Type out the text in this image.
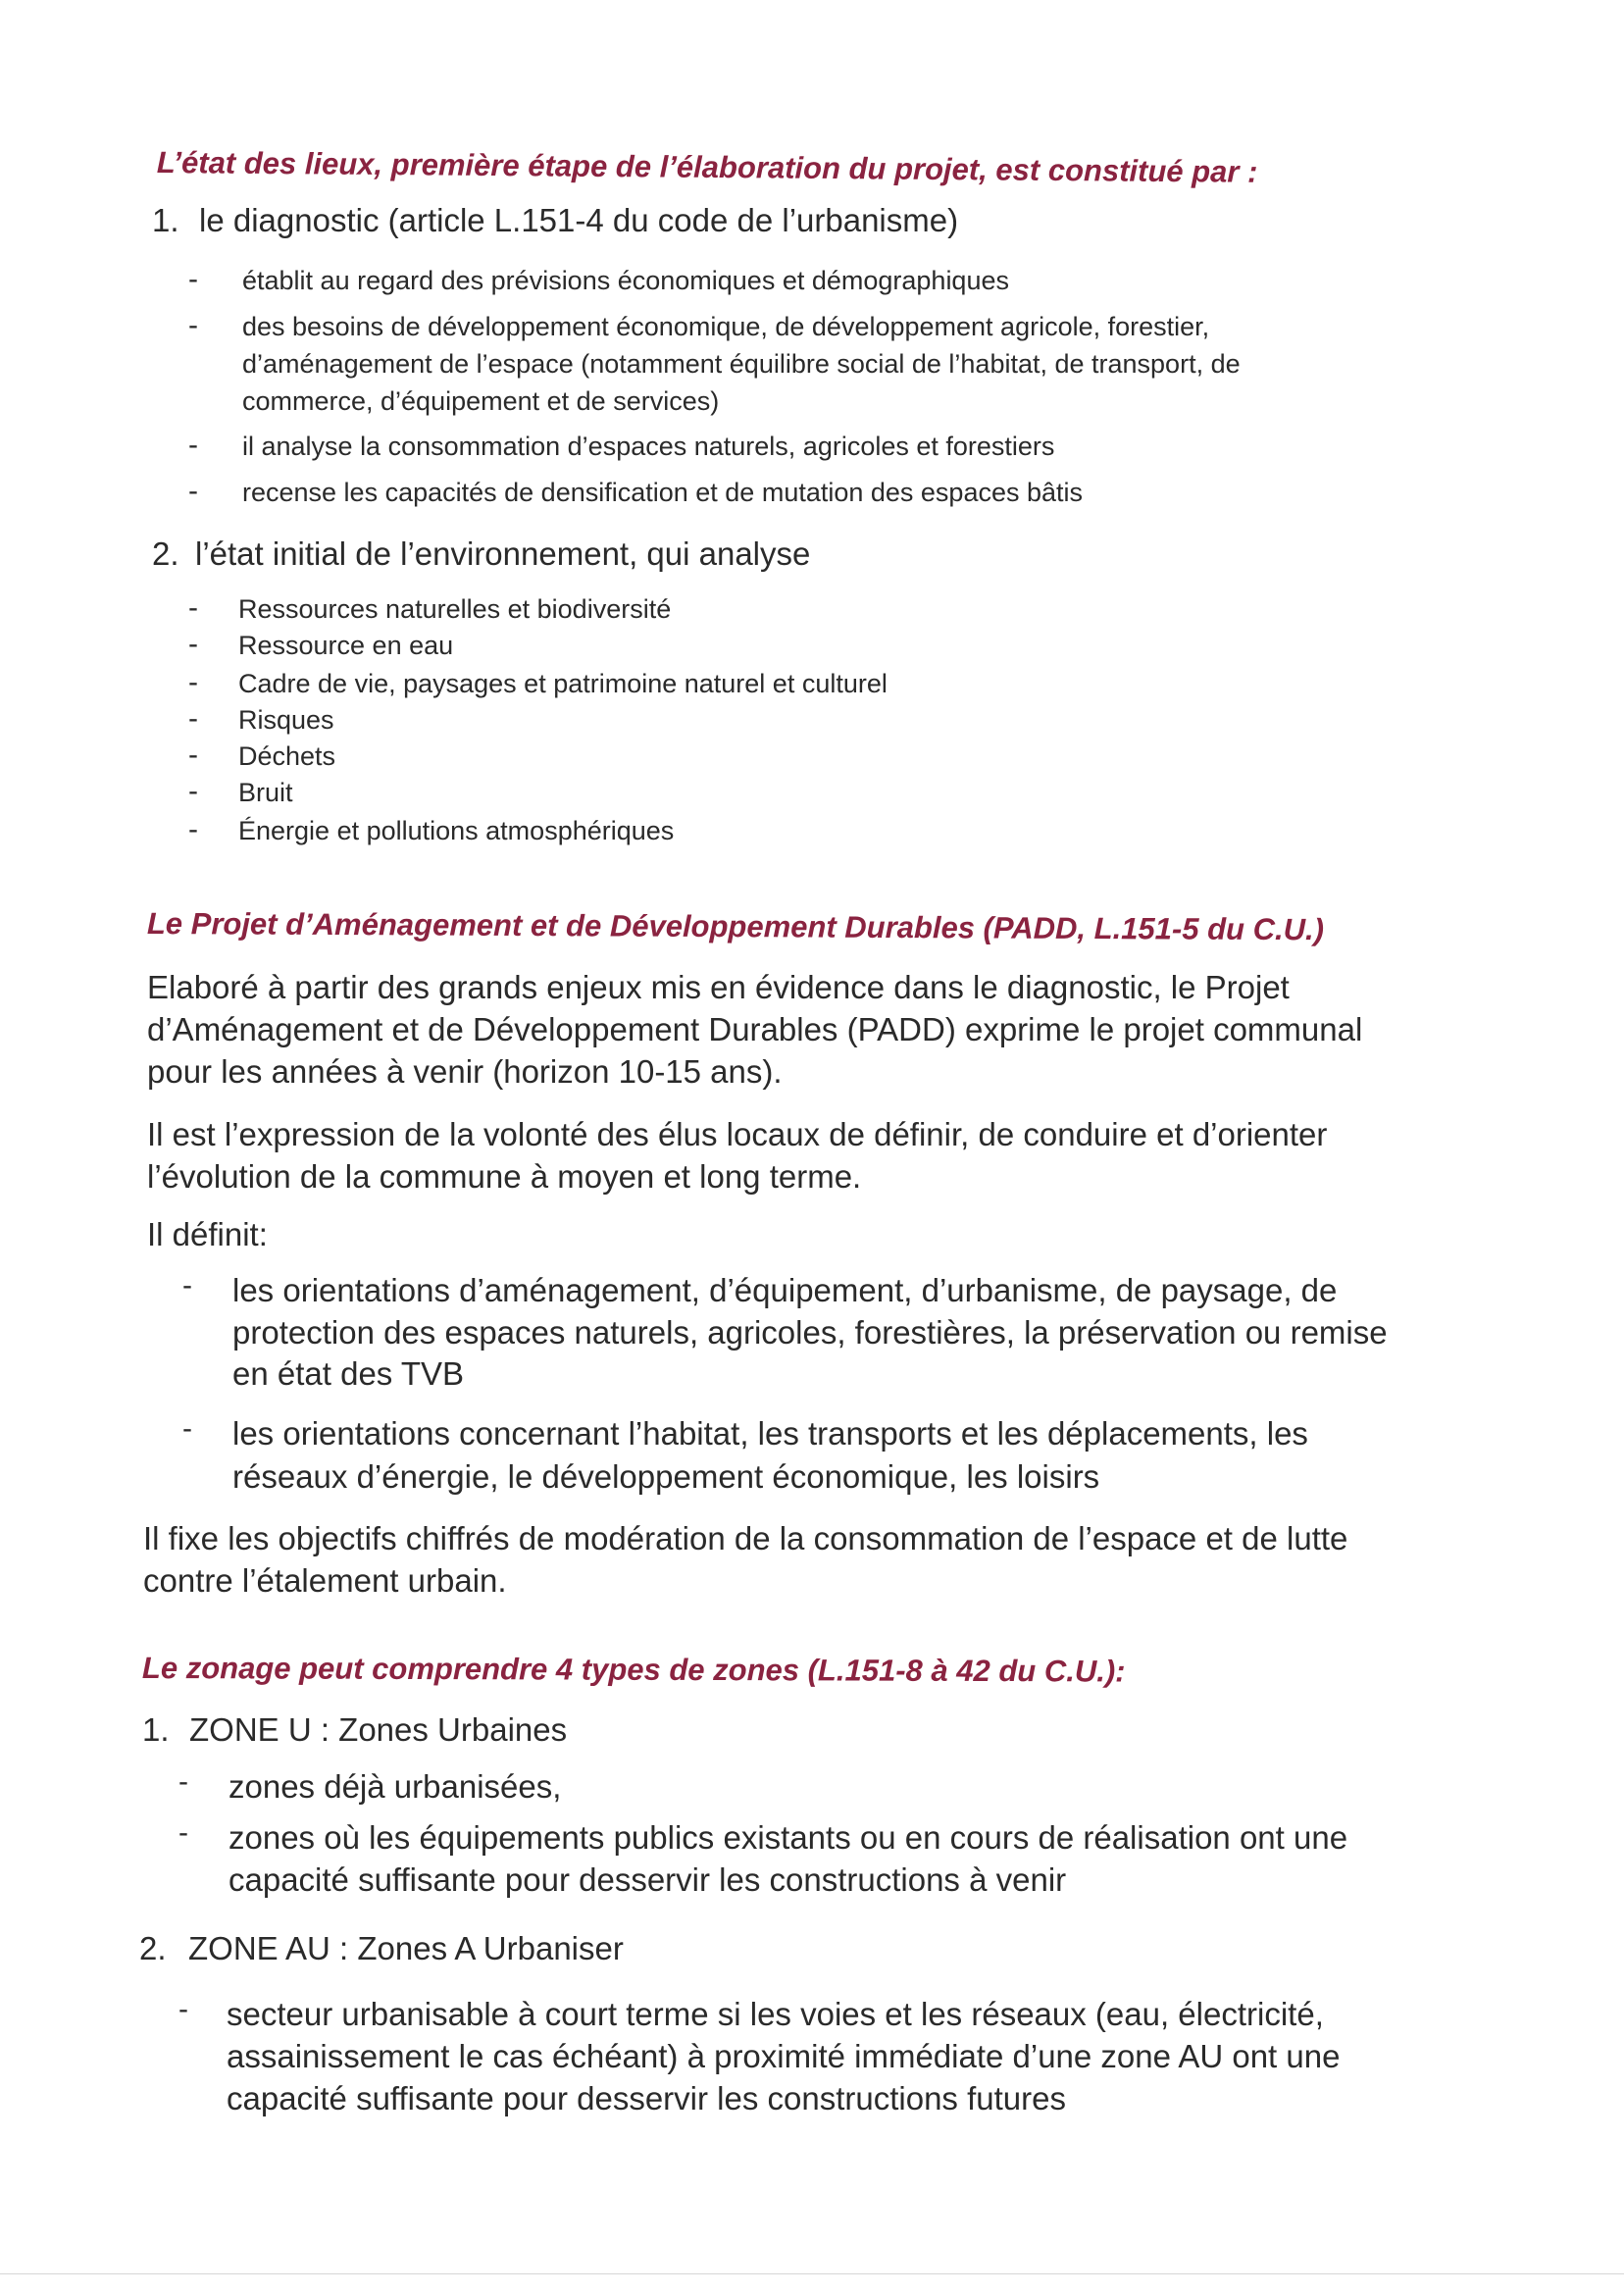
L’état des lieux, première étape de l’élaboration du projet, est constitué par :
1. le diagnostic (article L.151-4 du code de l’urbanisme)
- établit au regard des prévisions économiques et démographiques
- des besoins de développement économique, de développement agricole, forestier,
d’aménagement de l’espace (notamment équilibre social de l’habitat, de transport, de
commerce, d’équipement et de services)
- il analyse la consommation d’espaces naturels, agricoles et forestiers
- recense les capacités de densification et de mutation des espaces bâtis
2. l’état initial de l’environnement, qui analyse
- Ressources naturelles et biodiversité
- Ressource en eau
- Cadre de vie, paysages et patrimoine naturel et culturel
- Risques
- Déchets
- Bruit
- Énergie et pollutions atmosphériques
Le Projet d’Aménagement et de Développement Durables (PADD, L.151-5 du C.U.)
Elaboré à partir des grands enjeux mis en évidence dans le diagnostic, le Projet
d’Aménagement et de Développement Durables (PADD) exprime le projet communal
pour les années à venir (horizon 10-15 ans).
Il est l’expression de la volonté des élus locaux de définir, de conduire et d’orienter
l’évolution de la commune à moyen et long terme.
Il définit:
- les orientations d’aménagement, d’équipement, d’urbanisme, de paysage, de
protection des espaces naturels, agricoles, forestières, la préservation ou remise
en état des TVB
- les orientations concernant l’habitat, les transports et les déplacements, les
réseaux d’énergie, le développement économique, les loisirs
Il fixe les objectifs chiffrés de modération de la consommation de l’espace et de lutte
contre l’étalement urbain.
Le zonage peut comprendre 4 types de zones (L.151-8 à 42 du C.U.):
1. ZONE U : Zones Urbaines
- zones déjà urbanisées,
- zones où les équipements publics existants ou en cours de réalisation ont une
capacité suffisante pour desservir les constructions à venir
2. ZONE AU : Zones A Urbaniser
- secteur urbanisable à court terme si les voies et les réseaux (eau, électricité,
assainissement le cas échéant) à proximité immédiate d’une zone AU ont une
capacité suffisante pour desservir les constructions futures
